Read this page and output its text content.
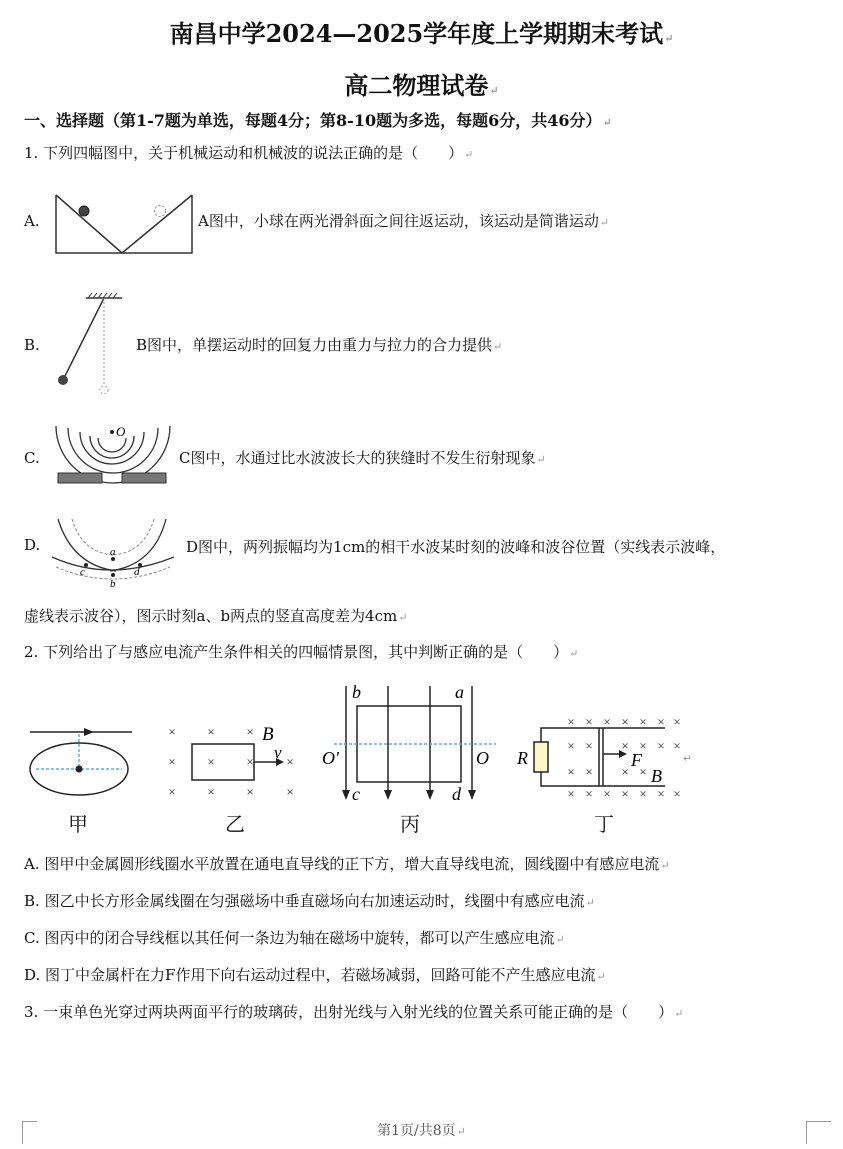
南昌中学2024—2025学年度上学期期末考试↵
高二物理试卷↵
一、选择题（第1-7题为单选，每题4分；第8-10题为多选，每题6分，共46分）↵
1. 下列四幅图中，关于机械运动和机械波的说法正确的是（　　）↵
A.	A图中，小球在两光滑斜面之间往返运动，该运动是简谐运动↵
B.	B图中，单摆运动时的回复力由重力与拉力的合力提供↵
C.
O
C图中，水通过比水波波长大的狭缝时不发生衍射现象↵
D.	a
b
c	d
D图中，两列振幅均为1cm的相干水波某时刻的波峰和波谷位置（实线表示波峰，
虚线表示波谷），图示时刻a、b两点的竖直高度差为4cm↵
2. 下列给出了与感应电流产生条件相关的四幅情景图，其中判断正确的是（　　）↵
甲
× × ×
× × ×	×
× × ×	×
B
v
乙
b	a
O'	O
c	d
丙
× × × × × × ×
× × × × × ×
× × × ×
× × × × × × ×
R	F
B
↵
丁
A. 图甲中金属圆形线圈水平放置在通电直导线的正下方，增大直导线电流，圆线圈中有感应电流↵
B. 图乙中长方形金属线圈在匀强磁场中垂直磁场向右加速运动时，线圈中有感应电流↵
C. 图丙中的闭合导线框以其任何一条边为轴在磁场中旋转，都可以产生感应电流↵
D. 图丁中金属杆在力F作用下向右运动过程中，若磁场减弱，回路可能不产生感应电流↵
3. 一束单色光穿过两块两面平行的玻璃砖，出射光线与入射光线的位置关系可能正确的是（　　）↵
第1页/共8页↵
